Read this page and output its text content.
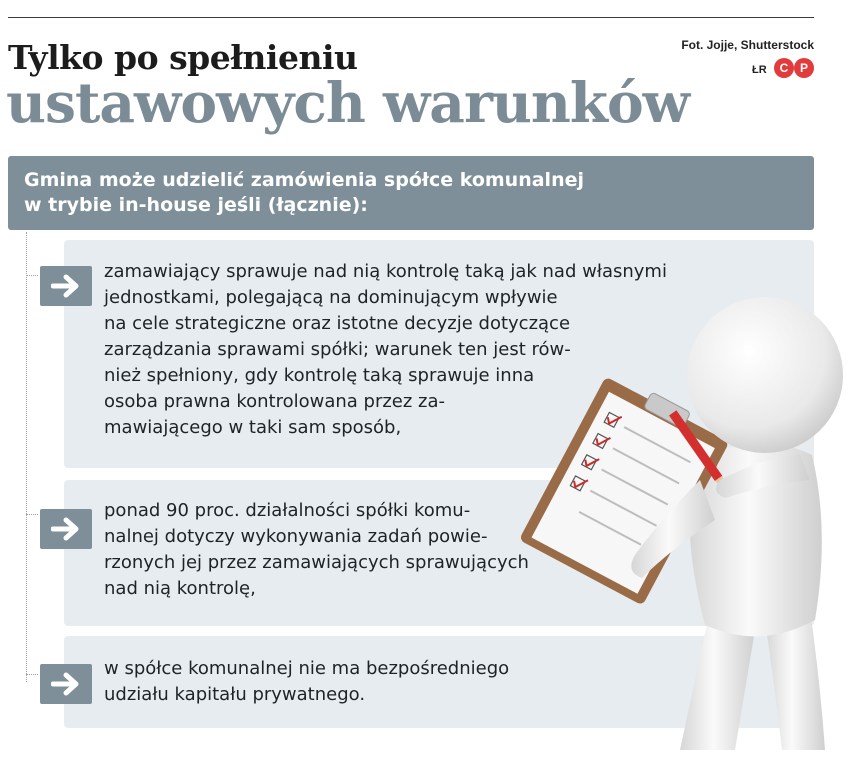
Tylko po spełnieniu
ustawowych warunków
Fot. Jojje, Shutterstock
ŁR	C P
Gmina może udzielić zamówienia spółce komunalnej
w trybie in-house jeśli (łącznie):
zamawiający sprawuje nad nią kontrolę taką jak nad własnymi
jednostkami, polegającą na dominującym wpływie
na cele strategiczne oraz istotne decyzje dotyczące
zarządzania sprawami spółki; warunek ten jest rów-
nież spełniony, gdy kontrolę taką sprawuje inna
osoba prawna kontrolowana przez za-
mawiającego w taki sam sposób,
ponad 90 proc. działalności spółki komu-
nalnej dotyczy wykonywania zadań powie-
rzonych jej przez zamawiających sprawujących
nad nią kontrolę,
w spółce komunalnej nie ma bezpośredniego
udziału kapitału prywatnego.
